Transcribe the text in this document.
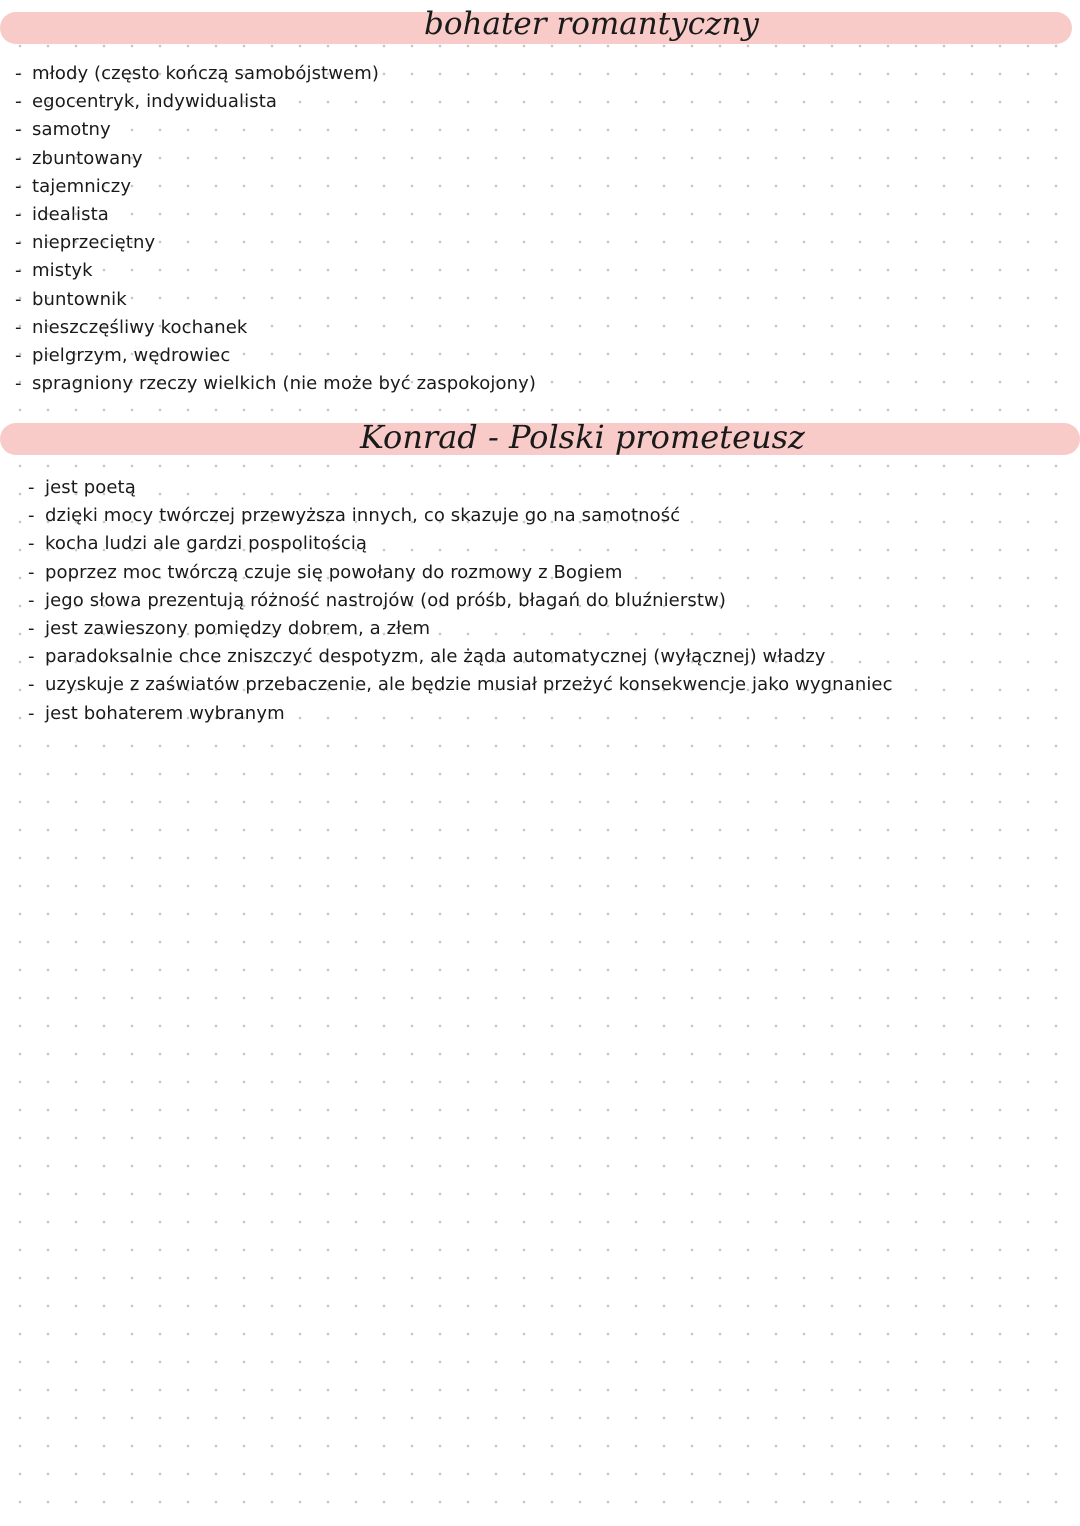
bohater romantyczny
- młody (często kończą samobójstwem)
- egocentryk, indywidualista
- samotny
- zbuntowany
- tajemniczy
- idealista
- nieprzeciętny
- mistyk
- buntownik
- nieszczęśliwy kochanek
- pielgrzym, wędrowiec
- spragniony rzeczy wielkich (nie może być zaspokojony)
Konrad - Polski prometeusz
- jest poetą
- dzięki mocy twórczej przewyższa innych, co skazuje go na samotność
- kocha ludzi ale gardzi pospolitością
- poprzez moc twórczą czuje się powołany do rozmowy z Bogiem
- jego słowa prezentują różność nastrojów (od próśb, błagań do bluźnierstw)
- jest zawieszony pomiędzy dobrem, a złem
- paradoksalnie chce zniszczyć despotyzm, ale żąda automatycznej (wyłącznej) władzy
- uzyskuje z zaświatów przebaczenie, ale będzie musiał przeżyć konsekwencje jako wygnaniec
- jest bohaterem wybranym
